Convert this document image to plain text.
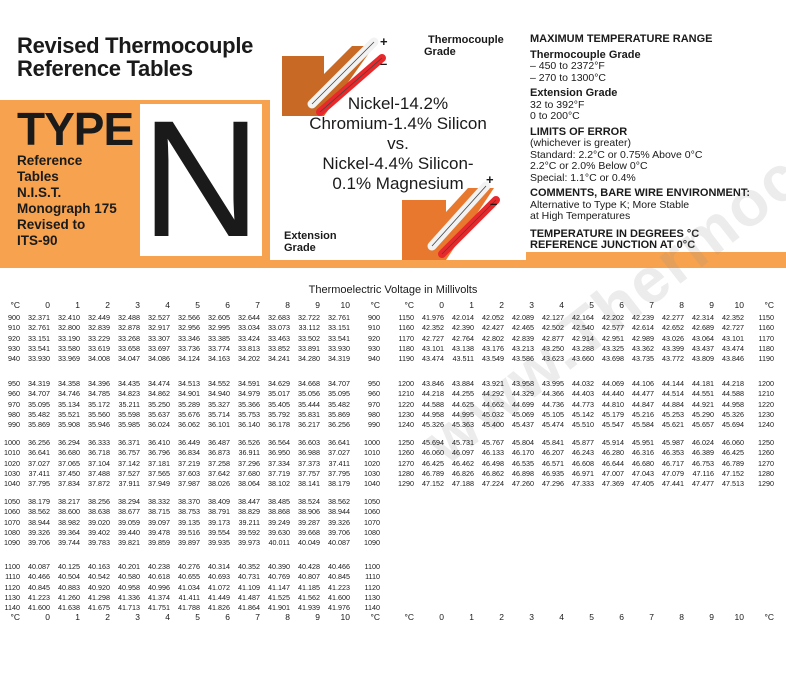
Revised Thermocouple Reference Tables
TYPE N
Reference
Tables
N.I.S.T.
Monograph 175
Revised to
ITS-90
+
–
Thermocouple
Grade
Nickel-14.2%
Chromium-1.4% Silicon
vs.
Nickel-4.4% Silicon-
0.1% Magnesium	+
–
Extension
Grade
MAXIMUM TEMPERATURE RANGE
Thermocouple Grade
– 450 to 2372°F
– 270 to 1300°C
Extension Grade
32 to 392°F
0 to 200°C
LIMITS OF ERROR
(whichever is greater)
Standard: 2.2°C or 0.75% Above 0°C
2.2°C or 2.0% Below 0°C
Special: 1.1°C or 0.4%
COMMENTS, BARE WIRE ENVIRONMENT:
Alternative to Type K; More Stable
at High Temperatures
TEMPERATURE IN DEGREES °C
REFERENCE JUNCTION AT 0°C
Thermoelectric Voltage in Millivolts
°C	0	1	2	3	4	5	6	7	8	9	10	°C
900	32.371	32.410	32.449	32.488	32.527	32.566	32.605	32.644	32.683	32.722	32.761	900
910	32.761	32.800	32.839	32.878	32.917	32.956	32.995	33.034	33.073	33.112	33.151	910
920	33.151	33.190	33.229	33.268	33.307	33.346	33.385	33.424	33.463	33.502	33.541	920
930	33.541	33.580	33.619	33.658	33.697	33.736	33.774	33.813	33.852	33.891	33.930	930
940	33.930	33.969	34.008	34.047	34.086	34.124	34.163	34.202	34.241	34.280	34.319	940
950	34.319	34.358	34.396	34.435	34.474	34.513	34.552	34.591	34.629	34.668	34.707	950
960	34.707	34.746	34.785	34.823	34.862	34.901	34.940	34.979	35.017	35.056	35.095	960
970	35.095	35.134	35.172	35.211	35.250	35.289	35.327	35.366	35.405	35.444	35.482	970
980	35.482	35.521	35.560	35.598	35.637	35.676	35.714	35.753	35.792	35.831	35.869	980
990	35.869	35.908	35.946	35.985	36.024	36.062	36.101	36.140	36.178	36.217	36.256	990
1000	36.256	36.294	36.333	36.371	36.410	36.449	36.487	36.526	36.564	36.603	36.641	1000
1010	36.641	36.680	36.718	36.757	36.796	36.834	36.873	36.911	36.950	36.988	37.027	1010
1020	37.027	37.065	37.104	37.142	37.181	37.219	37.258	37.296	37.334	37.373	37.411	1020
1030	37.411	37.450	37.488	37.527	37.565	37.603	37.642	37.680	37.719	37.757	37.795	1030
1040	37.795	37.834	37.872	37.911	37.949	37.987	38.026	38.064	38.102	38.141	38.179	1040
1050	38.179	38.217	38.256	38.294	38.332	38.370	38.409	38.447	38.485	38.524	38.562	1050
1060	38.562	38.600	38.638	38.677	38.715	38.753	38.791	38.829	38.868	38.906	38.944	1060
1070	38.944	38.982	39.020	39.059	39.097	39.135	39.173	39.211	39.249	39.287	39.326	1070
1080	39.326	39.364	39.402	39.440	39.478	39.516	39.554	39.592	39.630	39.668	39.706	1080
1090	39.706	39.744	39.783	39.821	39.859	39.897	39.935	39.973	40.011	40.049	40.087	1090
1100	40.087	40.125	40.163	40.201	40.238	40.276	40.314	40.352	40.390	40.428	40.466	1100
1110	40.466	40.504	40.542	40.580	40.618	40.655	40.693	40.731	40.769	40.807	40.845	1110
1120	40.845	40.883	40.920	40.958	40.996	41.034	41.072	41.109	41.147	41.185	41.223	1120
1130	41.223	41.260	41.298	41.336	41.374	41.411	41.449	41.487	41.525	41.562	41.600	1130
1140	41.600	41.638	41.675	41.713	41.751	41.788	41.826	41.864	41.901	41.939	41.976	1140
°C	0	1	2	3	4	5	6	7	8	9	10	°C
°C	0	1	2	3	4	5	6	7	8	9	10	°C
1150	41.976	42.014	42.052	42.089	42.127	42.164	42.202	42.239	42.277	42.314	42.352	1150
1160	42.352	42.390	42.427	42.465	42.502	42.540	42.577	42.614	42.652	42.689	42.727	1160
1170	42.727	42.764	42.802	42.839	42.877	42.914	42.951	42.989	43.026	43.064	43.101	1170
1180	43.101	43.138	43.176	43.213	43.250	43.288	43.325	43.362	43.399	43.437	43.474	1180
1190	43.474	43.511	43.549	43.586	43.623	43.660	43.698	43.735	43.772	43.809	43.846	1190
1200	43.846	43.884	43.921	43.958	43.995	44.032	44.069	44.106	44.144	44.181	44.218	1200
1210	44.218	44.255	44.292	44.329	44.366	44.403	44.440	44.477	44.514	44.551	44.588	1210
1220	44.588	44.625	44.662	44.699	44.736	44.773	44.810	44.847	44.884	44.921	44.958	1220
1230	44.958	44.995	45.032	45.069	45.105	45.142	45.179	45.216	45.253	45.290	45.326	1230
1240	45.326	45.363	45.400	45.437	45.474	45.510	45.547	45.584	45.621	45.657	45.694	1240
1250	45.694	45.731	45.767	45.804	45.841	45.877	45.914	45.951	45.987	46.024	46.060	1250
1260	46.060	46.097	46.133	46.170	46.207	46.243	46.280	46.316	46.353	46.389	46.425	1260
1270	46.425	46.462	46.498	46.535	46.571	46.608	46.644	46.680	46.717	46.753	46.789	1270
1280	46.789	46.826	46.862	46.898	46.935	46.971	47.007	47.043	47.079	47.116	47.152	1280
1290	47.152	47.188	47.224	47.260	47.296	47.333	47.369	47.405	47.441	47.477	47.513	1290
°C	0	1	2	3	4	5	6	7	8	9	10	°C
